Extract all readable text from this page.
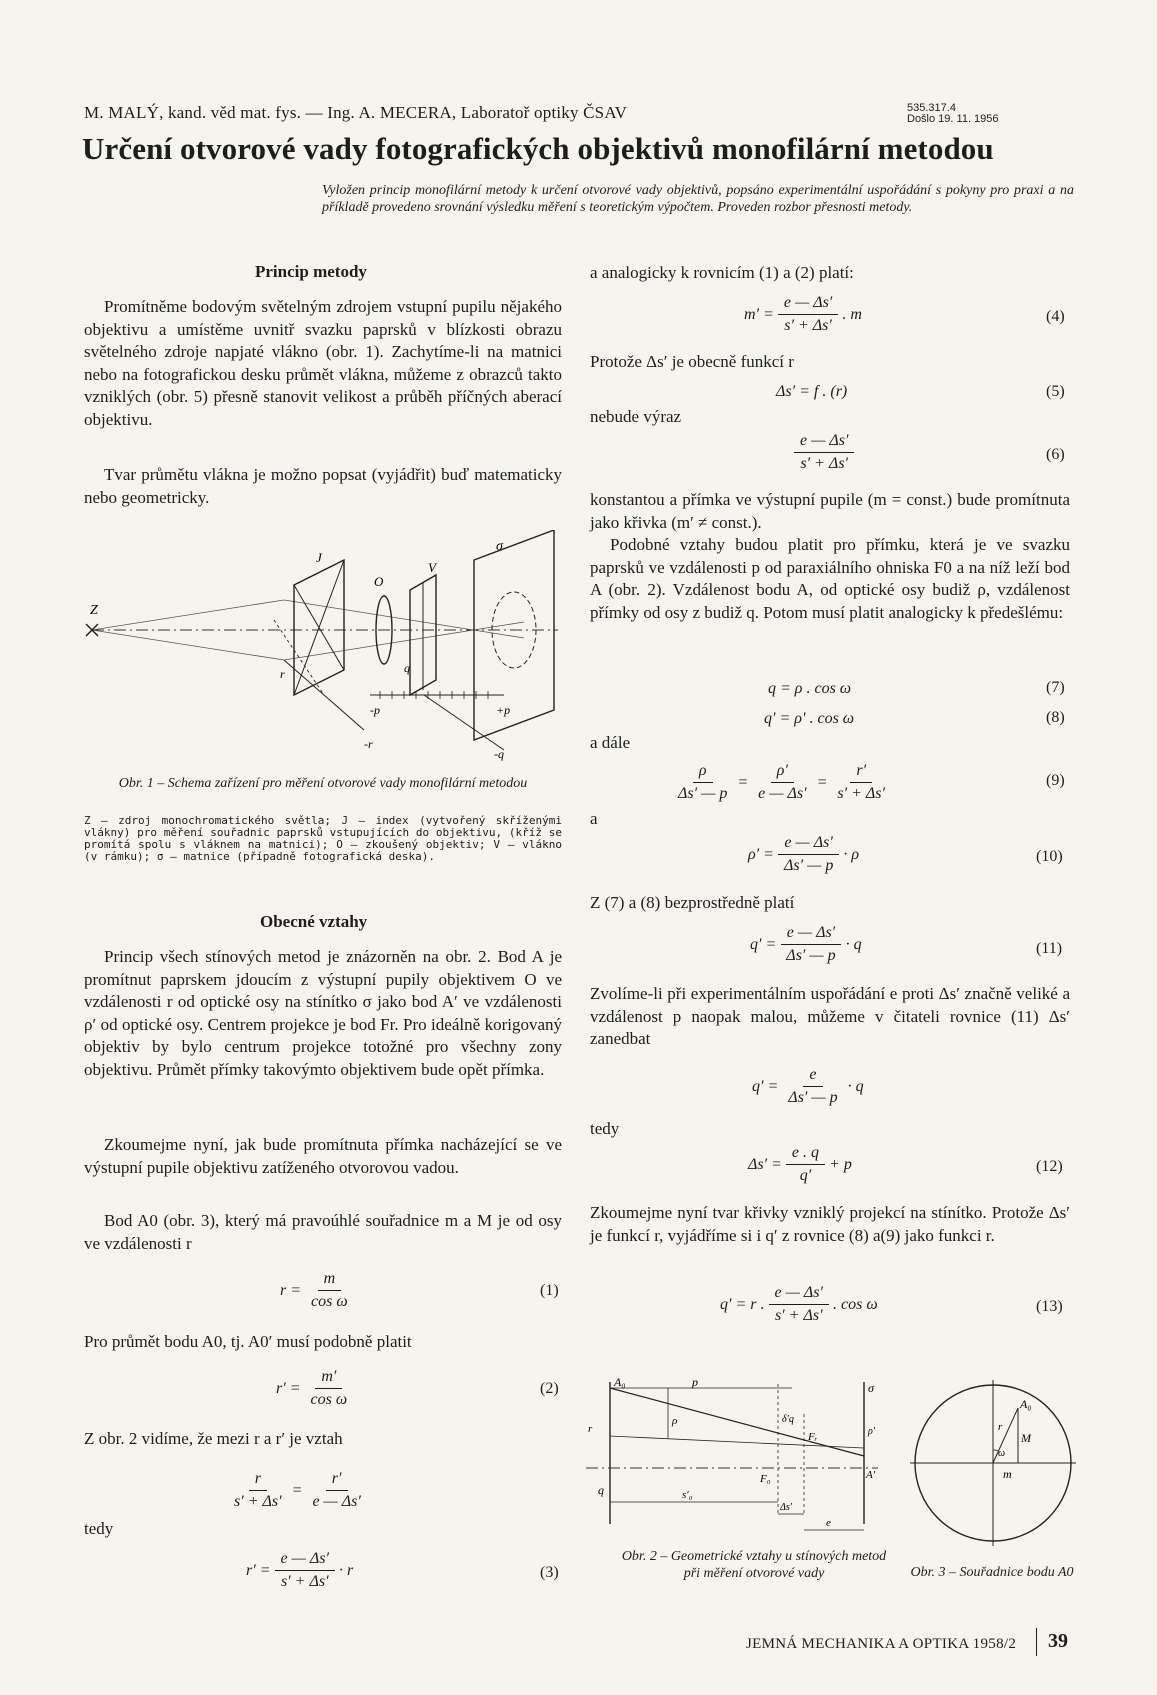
M. MALÝ, kand. věd mat. fys. — Ing. A. MECERA, Laboratoř optiky ČSAV	535.317.4
Došlo 19. 11. 1956
Určení otvorové vady fotografických objektivů monofilární metodou
Vyložen princip monofilární metody k určení otvorové vady objektivů, popsáno experimentální uspořádání s pokyny pro praxi a na příkladě provedeno srovnání výsledku měření s teoretickým výpočtem. Proveden rozbor přesnosti metody.
Princip metody

Promítněme bodovým světelným zdrojem vstupní pupilu nějakého objektivu a umístěme uvnitř svazku paprsků v blízkosti obrazu světelného zdroje napjaté vlákno (obr. 1). Zachytíme-li na matnici nebo na fotografickou desku průmět vlákna, můžeme z obrazců takto vzniklých (obr. 5) přesně stanovit velikost a průběh příčných aberací objektivu.

Tvar průmětu vlákna je možno popsat (vyjádřit) buď matematicky nebo geometricky.

Z
J
O
V
σ
-p	+p
r	q
-q
-r
Obr. 1 – Schema zařízení pro měření otvorové vady monofilární metodou
Z — zdroj monochromatického světla; J — index (vytvořený skříženými vlákny) pro měření souřadnic paprsků vstupujících do objektivu, (kříž se promítá spolu s vláknem na matnici); O — zkoušený objektiv; V — vlákno (v rámku); σ — matnice (případně fotografická deska).
Obecné vztahy

Princip všech stínových metod je znázorněn na obr. 2. Bod A je promítnut paprskem jdoucím z výstupní pupily objektivem O ve vzdálenosti r od optické osy na stínítko σ jako bod A′ ve vzdálenosti ρ′ od optické osy. Centrem projekce je bod Fr. Pro ideálně korigovaný objektiv by bylo centrum projekce totožné pro všechny zony objektivu. Průmět přímky takovýmto objektivem bude opět přímka.

Zkoumejme nyní, jak bude promítnuta přímka nacházející se ve výstupní pupile objektivu zatíženého otvorovou vadou.

Bod A0 (obr. 3), který má pravoúhlé souřadnice m a M je od osy ve vzdálenosti r

$r = \frac{m}{\text{cos ω}}$	(1)

Pro průmět bodu A0, tj. A0′ musí podobně platit

$r' = \frac{m'}{\text{cos ω}}$	(2)

Z obr. 2 vidíme, že mezi r a r′ je vztah

$\frac{r}{s' + \Delta s'} = \frac{r'}{e — \Delta s'}$

tedy

$r' = \frac{e — \Delta s'}{s' + \Delta s'} \cdot r$	(3)

a analogicky k rovnicím (1) a (2) platí:

$m' = \frac{e — \Delta s'}{s' + \Delta s'}$ . m	(4)

Protože Δs′ je obecně funkcí r

Δs′ = f . (r)	(5)

nebude výraz

$\frac{e — \Delta s'}{s' + \Delta s'}$	(6)

konstantou a přímka ve výstupní pupile (m = const.) bude promítnuta jako křivka (m′ ≠ const.).

Podobné vztahy budou platit pro přímku, která je ve svazku paprsků ve vzdálenosti p od paraxiálního ohniska F0 a na níž leží bod A (obr. 2). Vzdálenost bodu A, od optické osy budiž ρ, vzdálenost přímky od osy z budiž q. Potom musí platit analogicky k předešlému:

q = ρ . cos ω	(7)
q′ = ρ′ . cos ω	(8)

a dále

$\frac{\rho}{\Delta s' — p} = \frac{\rho'}{e — \Delta s'} = \frac{r'}{s' + \Delta s'}$	(9)

a

$\rho' = \frac{e — \Delta s'}{\Delta s' — p} \cdot \rho$	(10)

Z (7) a (8) bezprostředně platí

$q' = \frac{e — \Delta s'}{\Delta s' — p} \cdot q$	(11)

Zvolíme-li při experimentálním uspořádání e proti Δs′ značně veliké a vzdálenost p naopak malou, můžeme v čitateli rovnice (11) Δs′ zanedbat

$q' = \frac{e}{\Delta s' — p} \cdot q$

tedy

$\Delta s' = \frac{e . q}{q'} + p$	(12)

Zkoumejme nyní tvar křivky vzniklý projekcí na stínítko. Protože Δs′ je funkcí r, vyjádříme si i q′ z rovnice (8) a(9) jako funkci r.

q′ = r . $\frac{e — \Delta s'}{s' + \Delta s'}$ . cos ω	(13)
A₀	p
r
ρ
q	s′₀
Δs′
e
F₀
Fᵣ
A′
σ
ρ′
δ′q
Obr. 2 – Geometrické vztahy u stínových metod při měření otvorové vady
A₀
M
m
r
ω
Obr. 3 – Souřadnice bodu A0
JEMNÁ MECHANIKA A OPTIKA 1958/2 39
